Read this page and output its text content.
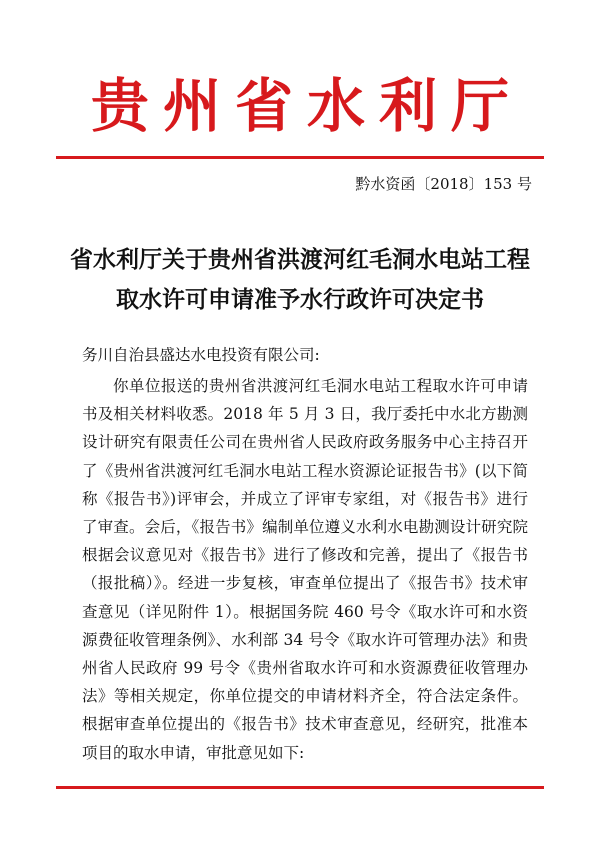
贵州省水利厅
黔水资函〔2018〕153 号
省水利厅关于贵州省洪渡河红毛洞水电站工程
取水许可申请准予水行政许可决定书
务川自治县盛达水电投资有限公司:

你单位报送的贵州省洪渡河红毛洞水电站工程取水许可申请书及相关材料收悉。2018 年 5 月 3 日，我厅委托中水北方勘测设计研究有限责任公司在贵州省人民政府政务服务中心主持召开了《贵州省洪渡河红毛洞水电站工程水资源论证报告书》(以下简称《报告书》)评审会，并成立了评审专家组，对《报告书》进行了审查。会后，《报告书》编制单位遵义水利水电勘测设计研究院根据会议意见对《报告书》进行了修改和完善，提出了《报告书（报批稿）》。经进一步复核，审查单位提出了《报告书》技术审查意见（详见附件 1）。根据国务院 460 号令《取水许可和水资源费征收管理条例》、水利部 34 号令《取水许可管理办法》和贵州省人民政府 99 号令《贵州省取水许可和水资源费征收管理办法》等相关规定，你单位提交的申请材料齐全，符合法定条件。根据审查单位提出的《报告书》技术审查意见，经研究，批准本项目的取水申请，审批意见如下:
